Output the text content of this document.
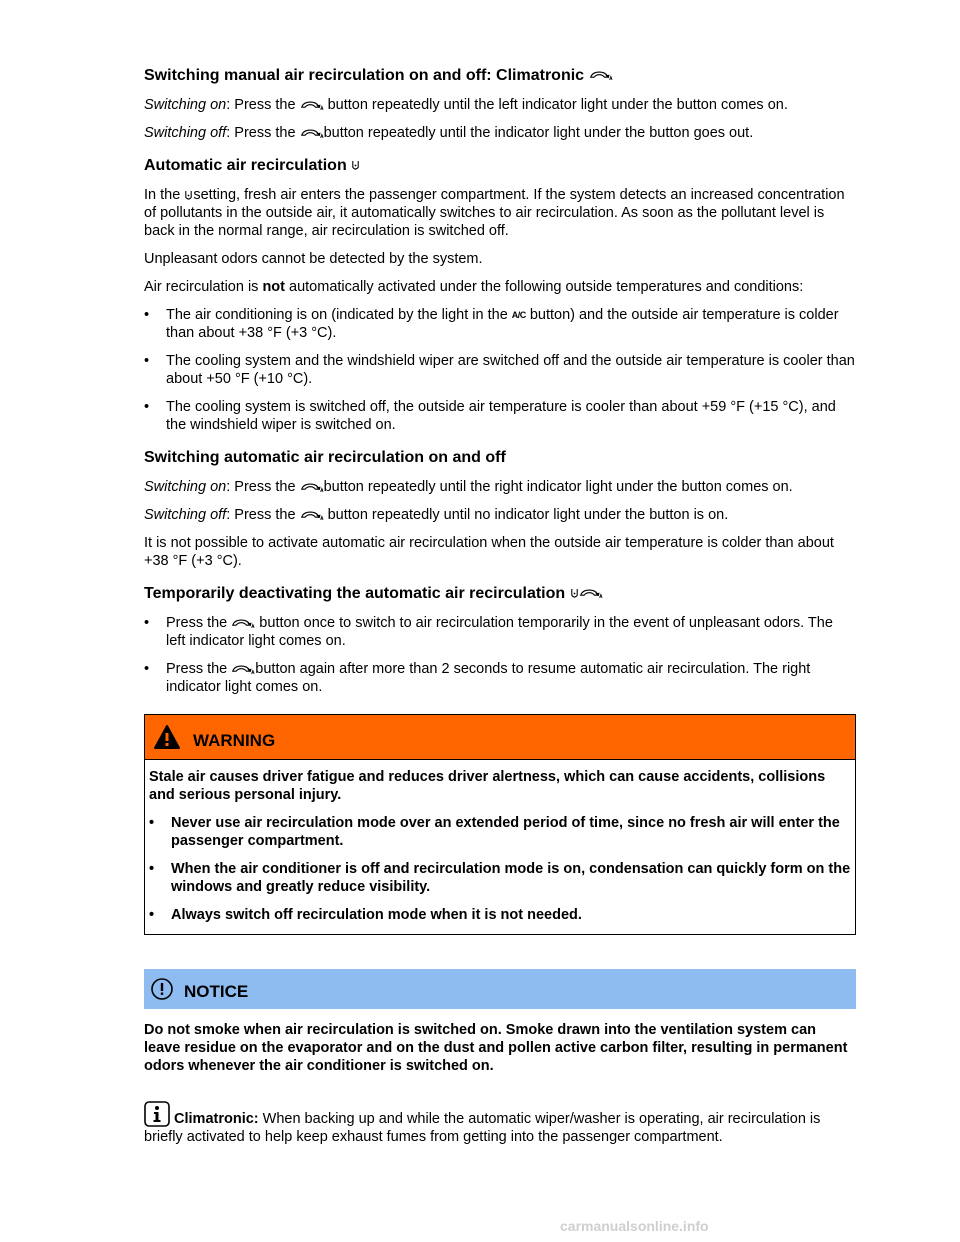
Switching manual air recirculation on and off: Climatronic
Switching on: Press the  button repeatedly until the left indicator light under the button comes on.
Switching off: Press the button repeatedly until the indicator light under the button goes out.
Automatic air recirculation
In the setting, fresh air enters the passenger compartment. If the system detects an increased concentration of pollutants in the outside air, it automatically switches to air recirculation. As soon as the pollutant level is back in the normal range, air recirculation is switched off.
Unpleasant odors cannot be detected by the system.
Air recirculation is not automatically activated under the following outside temperatures and conditions:
•	The air conditioning is on (indicated by the light in the A/C button) and the outside air temperature is colder than about +38 °F (+3 °C).
•	The cooling system and the windshield wiper are switched off and the outside air temperature is cooler than about +50 °F (+10 °C).
•	The cooling system is switched off, the outside air temperature is cooler than about +59 °F (+15 °C), and the windshield wiper is switched on.
Switching automatic air recirculation on and off
Switching on: Press the button repeatedly until the right indicator light under the button comes on.
Switching off: Press the  button repeatedly until no indicator light under the button is on.
It is not possible to activate automatic air recirculation when the outside air temperature is colder than about +38 °F (+3 °C).
Temporarily deactivating the automatic air recirculation
•	Press the  button once to switch to air recirculation temporarily in the event of unpleasant odors. The left indicator light comes on.
•	Press the button again after more than 2 seconds to resume automatic air recirculation. The right indicator light comes on.
WARNING
Stale air causes driver fatigue and reduces driver alertness, which can cause accidents, collisions and serious personal injury.
•	Never use air recirculation mode over an extended period of time, since no fresh air will enter the passenger compartment.
•	When the air conditioner is off and recirculation mode is on, condensation can quickly form on the windows and greatly reduce visibility.
•	Always switch off recirculation mode when it is not needed.
NOTICE
Do not smoke when air recirculation is switched on. Smoke drawn into the ventilation system can leave residue on the evaporator and on the dust and pollen active carbon filter, resulting in permanent odors whenever the air conditioner is switched on.
Climatronic: When backing up and while the automatic wiper/washer is operating, air recirculation is briefly activated to help keep exhaust fumes from getting into the passenger compartment.
carmanualsonline.info
